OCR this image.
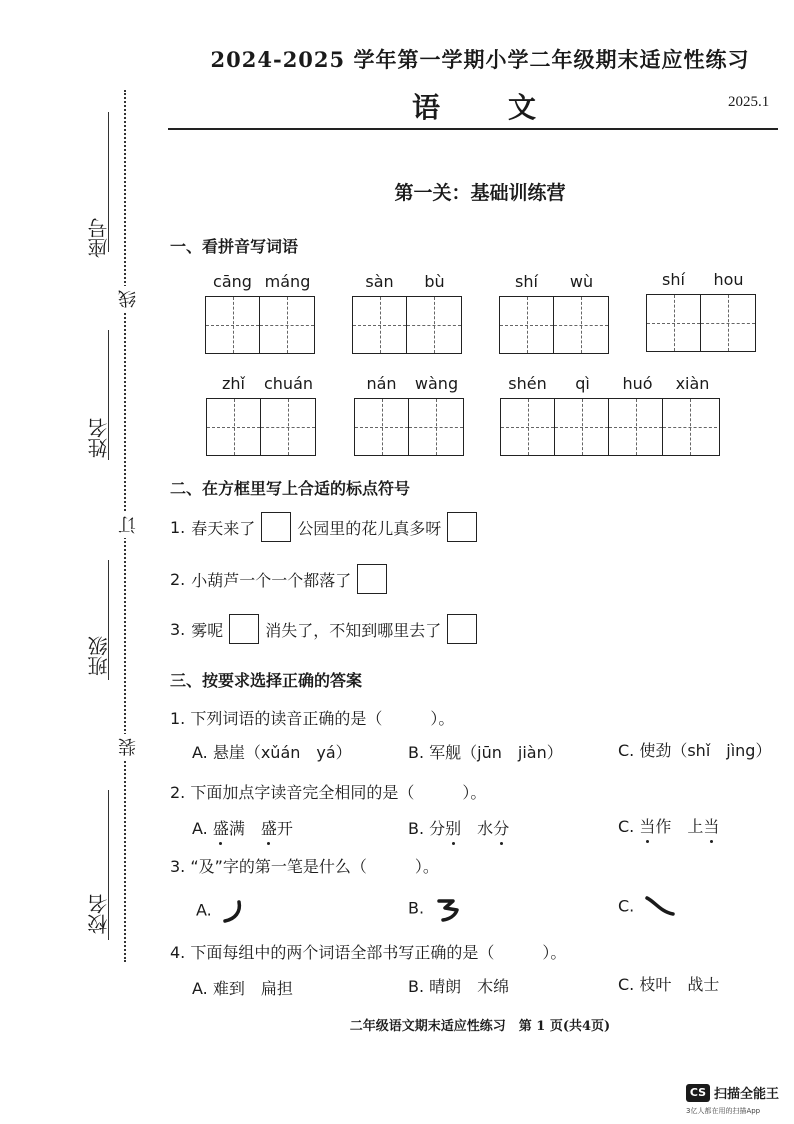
2024-2025 学年第一学期小学二年级期末适应性练习
语文	2025.1
座号
姓名
班级
校名
线
订
装
第一关：基础训练营
一、看拼音写词语
cāng máng	sàn	bù	shí	wù	shí	hou
zhǐ	chuán	nán	wàng	shén	qì	huó	xiàn
二、在方框里写上合适的标点符号
1. 春天来了	公园里的花儿真多呀
2. 小葫芦一个一个都落了
3. 雾呢	消失了，不知到哪里去了
三、按要求选择正确的答案
1. 下列词语的读音正确的是（　　　）。
A. 悬崖（xǔán　yá）	B. 军舰（jūn　jiàn）	C. 使劲（shǐ　jìng）
2. 下面加点字读音完全相同的是（　　　）。
A. 盛满　盛开	B. 分别　水分	C. 当作　上当
3. “及”字的第一笔是什么（　　　）。
A.	B.	C.
4. 下面每组中的两个词语全部书写正确的是（　　　）。
A. 难到　扁担	B. 晴朗　木绵	C. 枝叶　战士
二年级语文期末适应性练习　第 1 页(共4页)
CS 扫描全能王
3亿人都在用的扫描App
